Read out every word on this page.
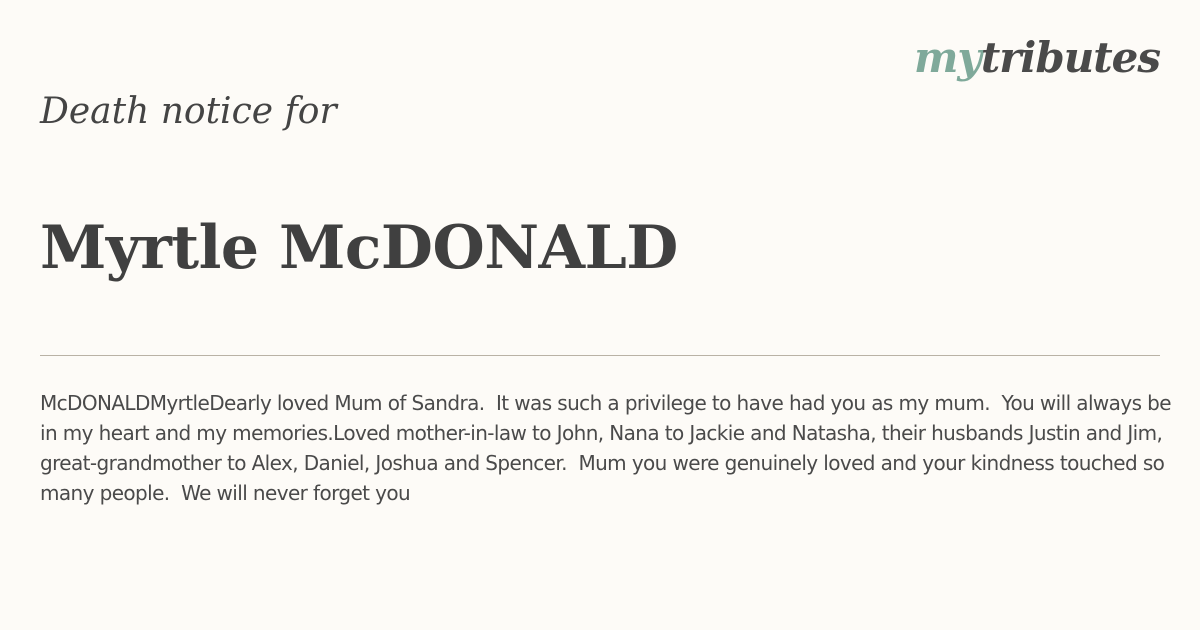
mytributes
Death notice for
Myrtle McDONALD

McDONALDMyrtleDearly loved Mum of Sandra.  It was such a privilege to have had you as my mum.  You will always be in my heart and my memories.Loved mother-in-law to John, Nana to Jackie and Natasha, their husbands Justin and Jim, great-grandmother to Alex, Daniel, Joshua and Spencer.  Mum you were genuinely loved and your kindness touched so many people.  We will never forget you
